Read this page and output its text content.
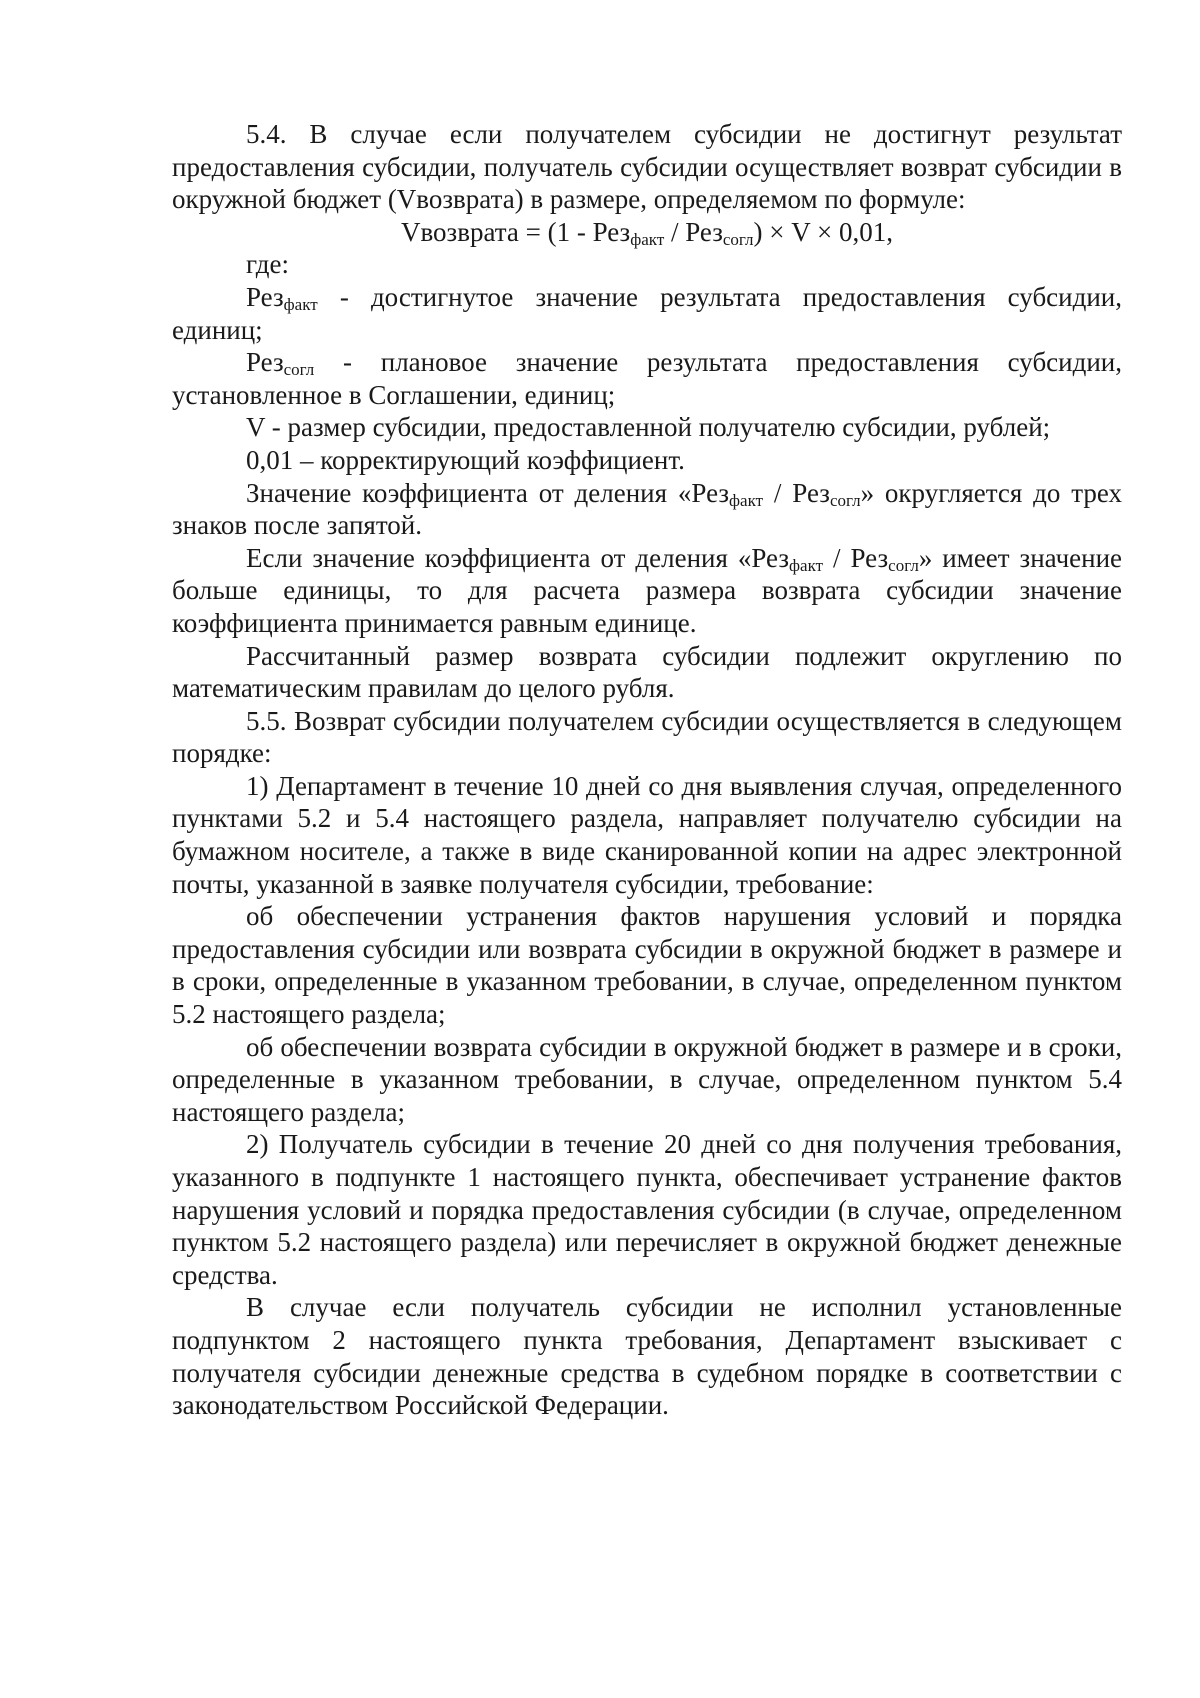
5.4. В случае если получателем субсидии не достигнут результат предоставления субсидии, получатель субсидии осуществляет возврат субсидии в окружной бюджет (Vвозврата) в размере, определяемом по формуле:

Vвозврата = (1 - Рез$_{факт}$ / Рез$_{согл}$) × V × 0,01,

где:

Рез$_{факт}$ - достигнутое значение результата предоставления субсидии, единиц;

Рез$_{согл}$ - плановое значение результата предоставления субсидии, установленное в Соглашении, единиц;

V - размер субсидии, предоставленной получателю субсидии, рублей;

0,01 – корректирующий коэффициент.

Значение коэффициента от деления «Рез$_{факт}$ / Рез$_{согл}$» округляется до трех знаков после запятой.

Если значение коэффициента от деления «Рез$_{факт}$ / Рез$_{согл}$» имеет значение больше единицы, то для расчета размера возврата субсидии значение коэффициента принимается равным единице.

Рассчитанный размер возврата субсидии подлежит округлению по математическим правилам до целого рубля.

5.5. Возврат субсидии получателем субсидии осуществляется в следующем порядке:

1) Департамент в течение 10 дней со дня выявления случая, определенного пунктами 5.2 и 5.4 настоящего раздела, направляет получателю субсидии на бумажном носителе, а также в виде сканированной копии на адрес электронной почты, указанной в заявке получателя субсидии, требование:

об обеспечении устранения фактов нарушения условий и порядка предоставления субсидии или возврата субсидии в окружной бюджет в размере и в сроки, определенные в указанном требовании, в случае, определенном пунктом 5.2 настоящего раздела;

об обеспечении возврата субсидии в окружной бюджет в размере и в сроки, определенные в указанном требовании, в случае, определенном пунктом 5.4 настоящего раздела;

2) Получатель субсидии в течение 20 дней со дня получения требования, указанного в подпункте 1 настоящего пункта, обеспечивает устранение фактов нарушения условий и порядка предоставления субсидии (в случае, определенном пунктом 5.2 настоящего раздела) или перечисляет в окружной бюджет денежные средства.

В случае если получатель субсидии не исполнил установленные подпунктом 2 настоящего пункта требования, Департамент взыскивает с получателя субсидии денежные средства в судебном порядке в соответствии с законодательством Российской Федерации.
